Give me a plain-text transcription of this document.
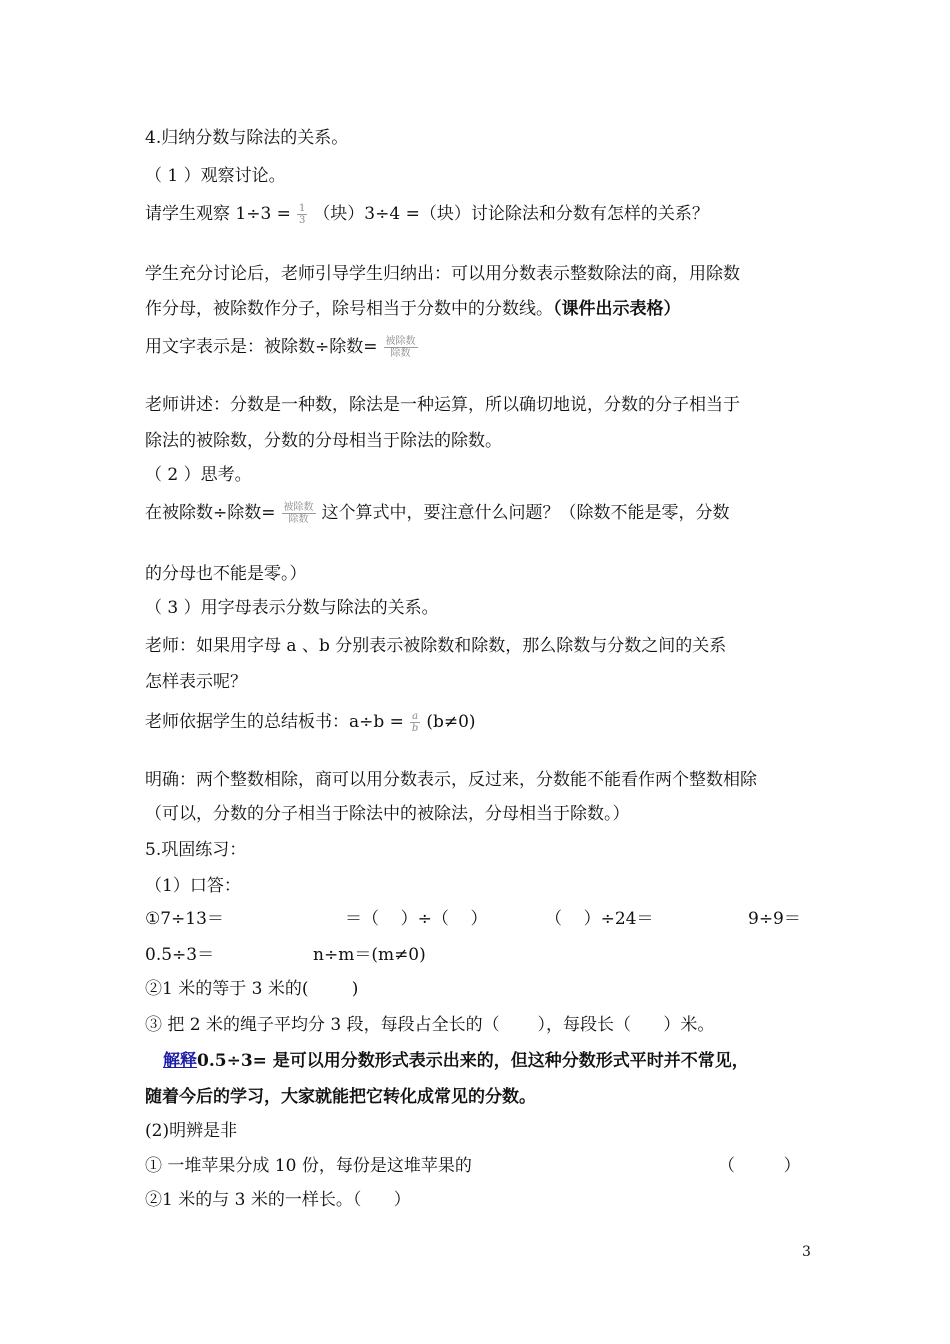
4.归纳分数与除法的关系。
（ 1 ）观察讨论。
请学生观察 $1\div 3 = \frac{1}{3}$ （块）3÷4 =（块）讨论除法和分数有怎样的关系？
学生充分讨论后，老师引导学生归纳出：可以用分数表示整数除法的商，用除数
作分母，被除数作分子，除号相当于分数中的分数线。（课件出示表格）
用文字表示是：被除数÷除数= $\frac{\text{被除数}}{\text{除数}}$
老师讲述：分数是一种数，除法是一种运算，所以确切地说，分数的分子相当于
除法的被除数，分数的分母相当于除法的除数。
（ 2 ）思考。
在被除数÷除数= $\frac{\text{被除数}}{\text{除数}}$ 这个算式中，要注意什么问题？（除数不能是零，分数
的分母也不能是零。）
（ 3 ）用字母表示分数与除法的关系。
老师：如果用字母 a 、b 分别表示被除数和除数，那么除数与分数之间的关系
怎样表示呢？
老师依据学生的总结板书：$a\div b = \frac{a}{b} (b\ne 0)$
明确：两个整数相除，商可以用分数表示，反过来，分数能不能看作两个整数相除
（可以，分数的分子相当于除法中的被除法，分母相当于除数。）
5.巩固练习：
（1）口答：
①7÷13＝	＝（    ）÷（    ）	（    ）÷24＝	9÷9＝
0.5÷3＝	n÷m＝(m≠0)
②1 米的等于 3 米的(        )
③ 把 2 米的绳子平均分 3 段，每段占全长的（       ），每段长（      ）米。
解释0.5÷3= 是可以用分数形式表示出来的，但这种分数形式平时并不常见，
随着今后的学习，大家就能把它转化成常见的分数。
(2)明辨是非
① 一堆苹果分成 10 份，每份是这堆苹果的	（         ）
②1 米的与 3 米的一样长。（      ）
3
